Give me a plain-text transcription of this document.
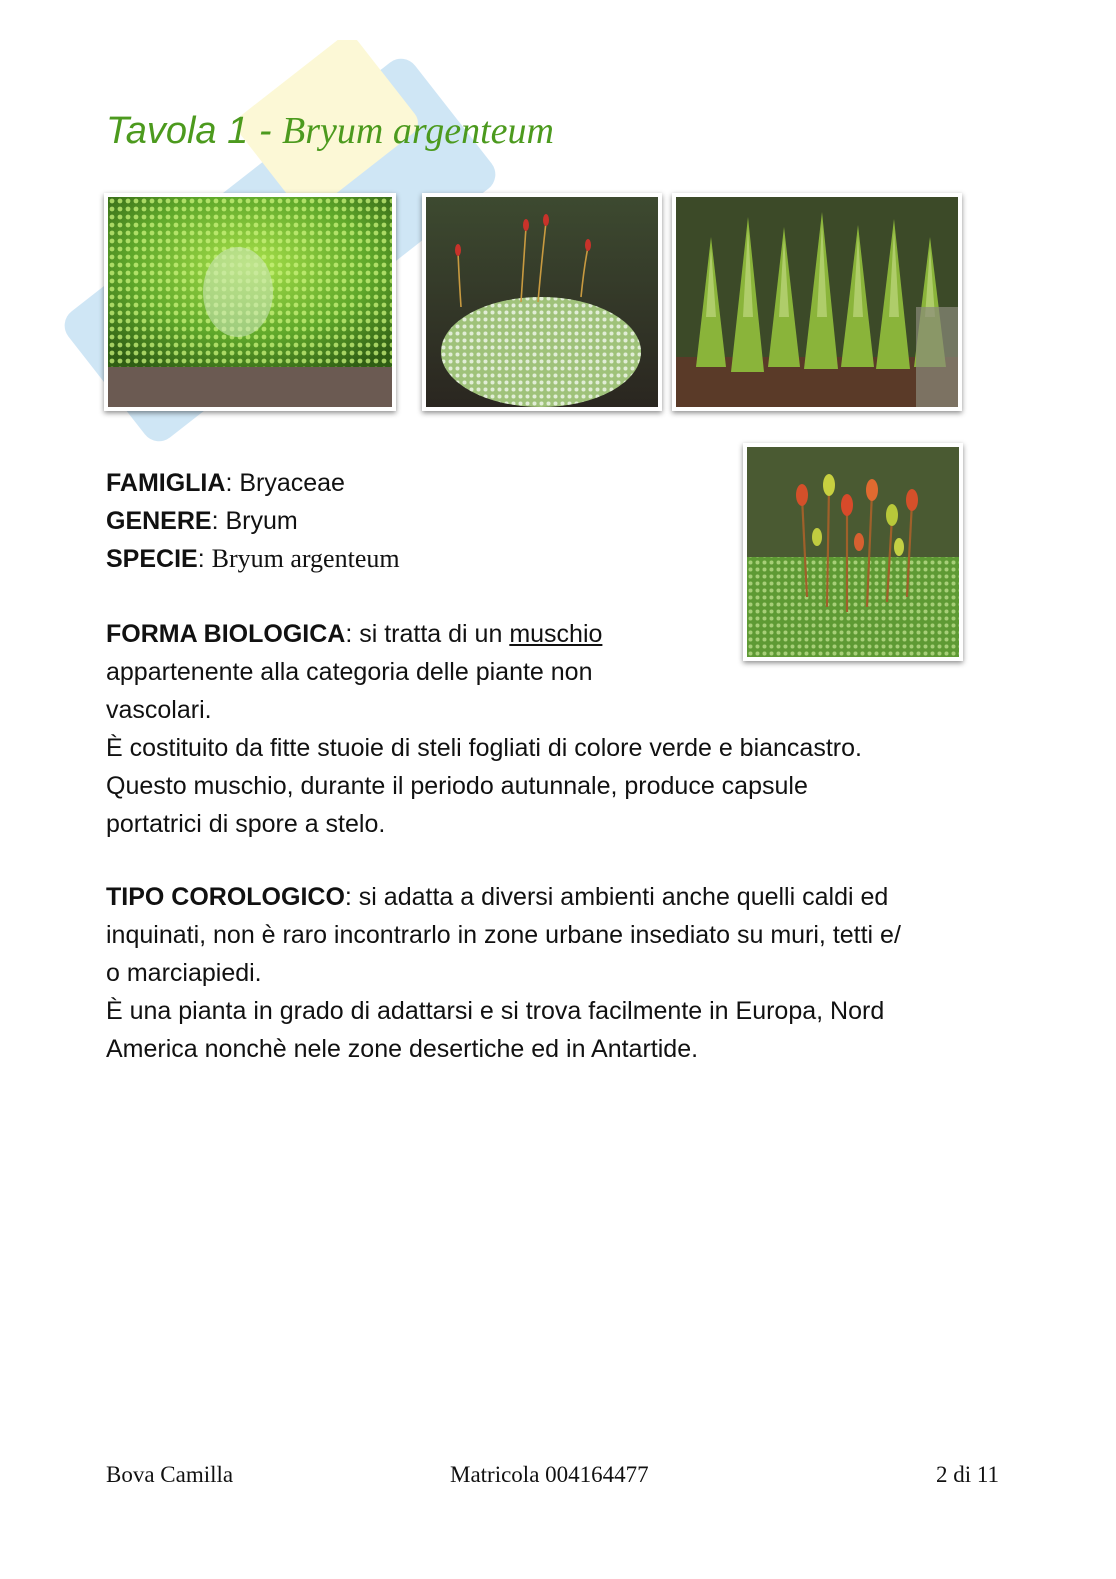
Tavola 1 - Bryum argenteum
FAMIGLIA: Bryaceae
GENERE: Bryum
SPECIE: Bryum argenteum
FORMA BIOLOGICA: si tratta di un muschio
appartenente alla categoria delle piante non
vascolari.
È costituito da fitte stuoie di steli fogliati di colore verde e biancastro.
Questo muschio, durante il periodo autunnale, produce capsule
portatrici di spore a stelo.
TIPO COROLOGICO: si adatta a diversi ambienti anche quelli caldi ed
inquinati, non è raro incontrarlo in zone urbane insediato su muri, tetti e/
o marciapiedi.
È una pianta in grado di adattarsi e si trova facilmente in Europa, Nord
America nonchè nele zone desertiche ed in Antartide.
Bova Camilla	Matricola 004164477	2 di 11
